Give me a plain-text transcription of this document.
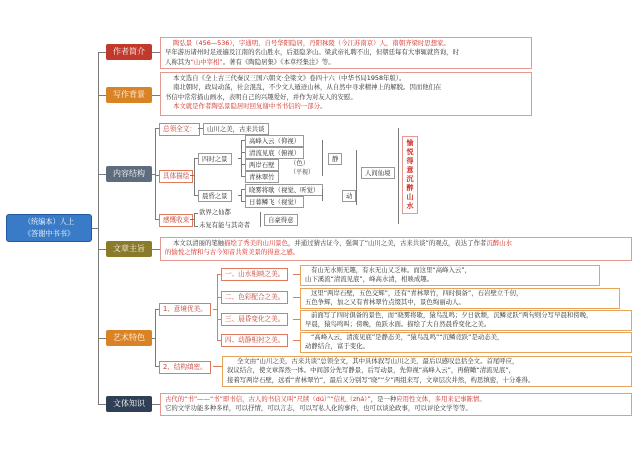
（统编本）人上
《答谢中书书》
作者简介
陶弘景（456—536），字通明，自号华阳隐居，丹阳秣陵（今江苏南京）人，南朝齐梁时思想家。
早年游历诸州时足迹遍及江南的名山胜水，后退隐茅山。梁武帝礼聘不出，但朝廷每有大事辄就咨询，时
人称其为“山中宰相”。著有《陶隐居集》《本草经集注》等。
写作背景
本文选自《全上古三代秦汉三国六朝文·全梁文》卷四十六（中华书局1958年版）。
南北朝时，政局动荡，社会混乱，不少文人遁迹山林，从自然中寻求精神上的解脱。因而他们在
书信中常常描山画水，表明自己的兴趣爱好，并作为对友人的安慰。
本文就是作者陶弘景隐居时回复谢中书书信的一部分。
内容结构
总领全文：	山川之美，古来共谈
具体描绘
四时之景
晨昏之景
高峰入云（仰视）
清流见底（俯视）
两岸石壁
青林翠竹
（色）
（平视）
晓雾将歇（视觉、听觉）
日暮鳞飞（视觉）
静
动
人间仙境
感慨收束
欲界之仙都
未复有能与其奇者
自豪得意
愉
悦
得
意
沉
醉
山
水
文章主旨
本文以清丽的笔触描绘了秀美的山川景色，并通过猜古证今，强调了“山川之美，古来共谈”的观点，表达了作者沉醉山水
的愉悦之情和与古今知音共赏美景的得意之感。
艺术特色
1、意境优美。
一、山水相映之美。
二、色彩配合之美。
三、晨昏变化之美。
四、动静相衬之美。
有山无水则无趣，有水无山又乏味。而这里“高峰入云”，
山下溪流“清流见底”，峰高水清，相映成趣。
这里“两岸石壁，五色交辉”，还有“青林翠竹，四时俱备”，石岩壁立千仞，
五色争辉，加之又有青林翠竹点缀其中，景色绚丽动人。
前面写了四时俱备的景色，而“晓雾将歇，猿鸟乱鸣；夕日欲颓，沉鳞竞跃”两句则分写早晨和傍晚，
早晨，猿鸟鸣叫；傍晚，鱼跃水面。描绘了大自然晨昏变化之美。
“高峰入云，清流见底”是静态美，“猿鸟乱鸣”“沉鳞竞跃”是动态美，
动静结合，富于变化。
2、结构缜密。
全文由“山川之美，古来共谈”总领全文，其中具体叙写山川之美，最后以感叹总括全文。首尾呼应，
叙议结合，使文章浑然一体。中间部分先写静景，后写动景，先仰视“高峰入云”，再俯瞰“清流见底”，
接着写两岸石壁，远看“青林翠竹”，最后又分别写“晓”“夕”两组来写，文章层次井然，构思缜密，十分难得。
文体知识	古代的“书”——“书”即书信，古人的书信又叫“尺牍（dú）”“信札（zhá）”，是一种应用性文体，多用来记事陈情。
它的文学功能多种多样，可以抒情，可以言志，可以写私人化的事件，也可以谈论政事，可以评论文学等等。
